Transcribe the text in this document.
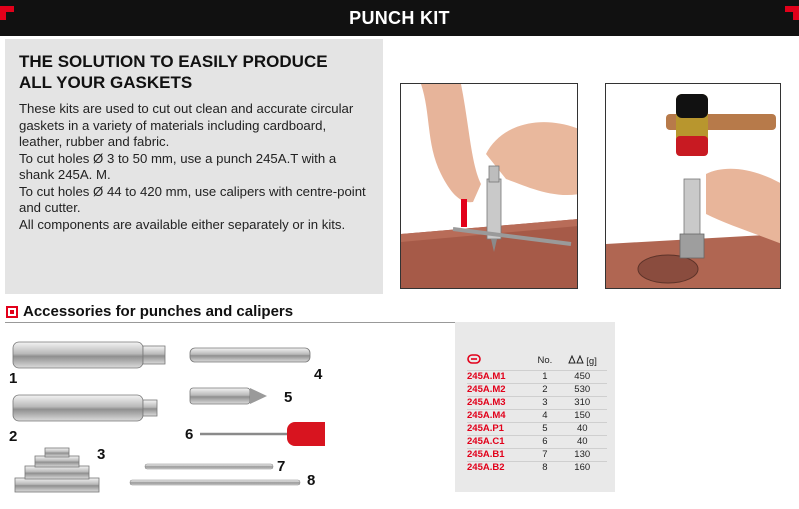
PUNCH KIT
THE SOLUTION TO EASILY PRODUCE ALL YOUR GASKETS

These kits are used to cut out clean and accurate circular gaskets in a variety of materials including cardboard, leather, rubber and fabric.

To cut holes Ø 3 to 50 mm, use a punch 245A.T with a shank 245A. M.

To cut holes Ø 44 to 420 mm, use calipers with centre-point and cutter.

All components are available either separately or in kits.

Accessories for punches and calipers
1
2
3
4
5
6
7
8
	No.	[g]
245A.M1	1	450
245A.M2	2	530
245A.M3	3	310
245A.M4	4	150
245A.P1	5	40
245A.C1	6	40
245A.B1	7	130
245A.B2	8	160
